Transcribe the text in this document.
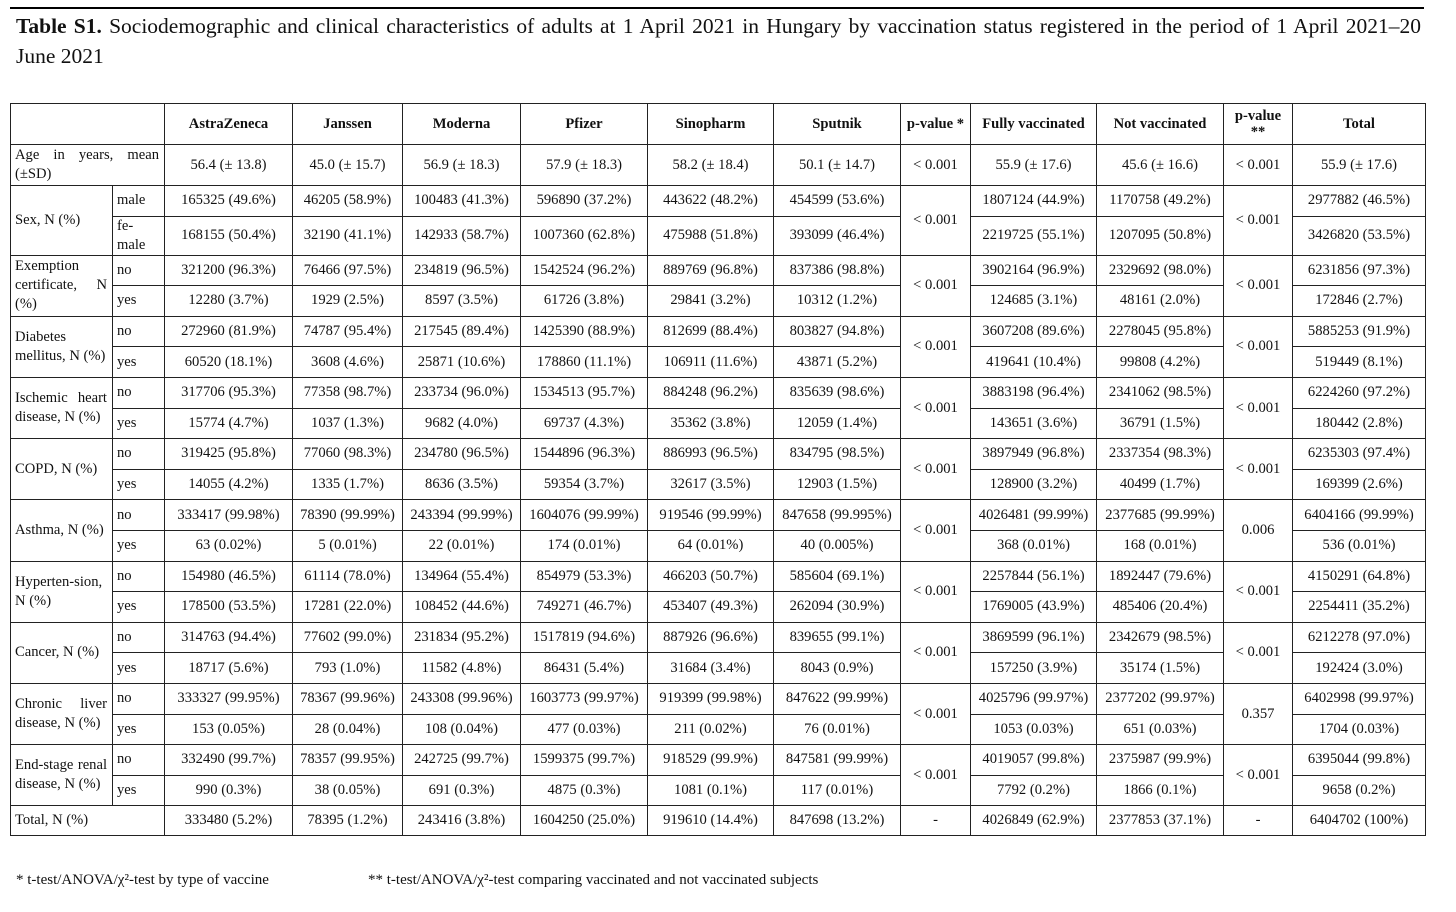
Table S1. Sociodemographic and clinical characteristics of adults at 1 April 2021 in Hungary by vaccination status registered in the period of 1 April 2021–20 June 2021
		AstraZeneca	Janssen	Moderna	Pfizer	Sinopharm	Sputnik	p-value *	Fully vaccinated	Not vaccinated	p-value **	Total
Age in years, mean (±SD)		56.4 (± 13.8)	45.0 (± 15.7)	56.9 (± 18.3)	57.9 (± 18.3)	58.2 (± 18.4)	50.1 (± 14.7)	< 0.001	55.9 (± 17.6)	45.6 (± 16.6)	< 0.001	55.9 (± 17.6)
Sex, N (%)	male	165325 (49.6%)	46205 (58.9%)	100483 (41.3%)	596890 (37.2%)	443622 (48.2%)	454599 (53.6%)	< 0.001	1807124 (44.9%)	1170758 (49.2%)	< 0.001	2977882 (46.5%)
	fe-male	168155 (50.4%)	32190 (41.1%)	142933 (58.7%)	1007360 (62.8%)	475988 (51.8%)	393099 (46.4%)		2219725 (55.1%)	1207095 (50.8%)		3426820 (53.5%)
Exemption certificate, N (%)	no	321200 (96.3%)	76466 (97.5%)	234819 (96.5%)	1542524 (96.2%)	889769 (96.8%)	837386 (98.8%)	< 0.001	3902164 (96.9%)	2329692 (98.0%)	< 0.001	6231856 (97.3%)
	yes	12280 (3.7%)	1929 (2.5%)	8597 (3.5%)	61726 (3.8%)	29841 (3.2%)	10312 (1.2%)		124685 (3.1%)	48161 (2.0%)		172846 (2.7%)
Diabetes mellitus, N (%)	no	272960 (81.9%)	74787 (95.4%)	217545 (89.4%)	1425390 (88.9%)	812699 (88.4%)	803827 (94.8%)	< 0.001	3607208 (89.6%)	2278045 (95.8%)	< 0.001	5885253 (91.9%)
	yes	60520 (18.1%)	3608 (4.6%)	25871 (10.6%)	178860 (11.1%)	106911 (11.6%)	43871 (5.2%)		419641 (10.4%)	99808 (4.2%)		519449 (8.1%)
Ischemic heart disease, N (%)	no	317706 (95.3%)	77358 (98.7%)	233734 (96.0%)	1534513 (95.7%)	884248 (96.2%)	835639 (98.6%)	< 0.001	3883198 (96.4%)	2341062 (98.5%)	< 0.001	6224260 (97.2%)
	yes	15774 (4.7%)	1037 (1.3%)	9682 (4.0%)	69737 (4.3%)	35362 (3.8%)	12059 (1.4%)		143651 (3.6%)	36791 (1.5%)		180442 (2.8%)
COPD, N (%)	no	319425 (95.8%)	77060 (98.3%)	234780 (96.5%)	1544896 (96.3%)	886993 (96.5%)	834795 (98.5%)	< 0.001	3897949 (96.8%)	2337354 (98.3%)	< 0.001	6235303 (97.4%)
	yes	14055 (4.2%)	1335 (1.7%)	8636 (3.5%)	59354 (3.7%)	32617 (3.5%)	12903 (1.5%)		128900 (3.2%)	40499 (1.7%)		169399 (2.6%)
Asthma, N (%)	no	333417 (99.98%)	78390 (99.99%)	243394 (99.99%)	1604076 (99.99%)	919546 (99.99%)	847658 (99.995%)	< 0.001	4026481 (99.99%)	2377685 (99.99%)	0.006	6404166 (99.99%)
	yes	63 (0.02%)	5 (0.01%)	22 (0.01%)	174 (0.01%)	64 (0.01%)	40 (0.005%)		368 (0.01%)	168 (0.01%)		536 (0.01%)
Hyperten-sion, N (%)	no	154980 (46.5%)	61114 (78.0%)	134964 (55.4%)	854979 (53.3%)	466203 (50.7%)	585604 (69.1%)	< 0.001	2257844 (56.1%)	1892447 (79.6%)	< 0.001	4150291 (64.8%)
	yes	178500 (53.5%)	17281 (22.0%)	108452 (44.6%)	749271 (46.7%)	453407 (49.3%)	262094 (30.9%)		1769005 (43.9%)	485406 (20.4%)		2254411 (35.2%)
Cancer, N (%)	no	314763 (94.4%)	77602 (99.0%)	231834 (95.2%)	1517819 (94.6%)	887926 (96.6%)	839655 (99.1%)	< 0.001	3869599 (96.1%)	2342679 (98.5%)	< 0.001	6212278 (97.0%)
	yes	18717 (5.6%)	793 (1.0%)	11582 (4.8%)	86431 (5.4%)	31684 (3.4%)	8043 (0.9%)		157250 (3.9%)	35174 (1.5%)		192424 (3.0%)
Chronic liver disease, N (%)	no	333327 (99.95%)	78367 (99.96%)	243308 (99.96%)	1603773 (99.97%)	919399 (99.98%)	847622 (99.99%)	< 0.001	4025796 (99.97%)	2377202 (99.97%)	0.357	6402998 (99.97%)
	yes	153 (0.05%)	28 (0.04%)	108 (0.04%)	477 (0.03%)	211 (0.02%)	76 (0.01%)		1053 (0.03%)	651 (0.03%)		1704 (0.03%)
End-stage renal disease, N (%)	no	332490 (99.7%)	78357 (99.95%)	242725 (99.7%)	1599375 (99.7%)	918529 (99.9%)	847581 (99.99%)	< 0.001	4019057 (99.8%)	2375987 (99.9%)	< 0.001	6395044 (99.8%)
	yes	990 (0.3%)	38 (0.05%)	691 (0.3%)	4875 (0.3%)	1081 (0.1%)	117 (0.01%)		7792 (0.2%)	1866 (0.1%)		9658 (0.2%)
Total, N (%)		333480 (5.2%)	78395 (1.2%)	243416 (3.8%)	1604250 (25.0%)	919610 (14.4%)	847698 (13.2%)	-	4026849 (62.9%)	2377853 (37.1%)	-	6404702 (100%)
* t-test/ANOVA/χ²-test by type of vaccine	** t-test/ANOVA/χ²-test comparing vaccinated and not vaccinated subjects
